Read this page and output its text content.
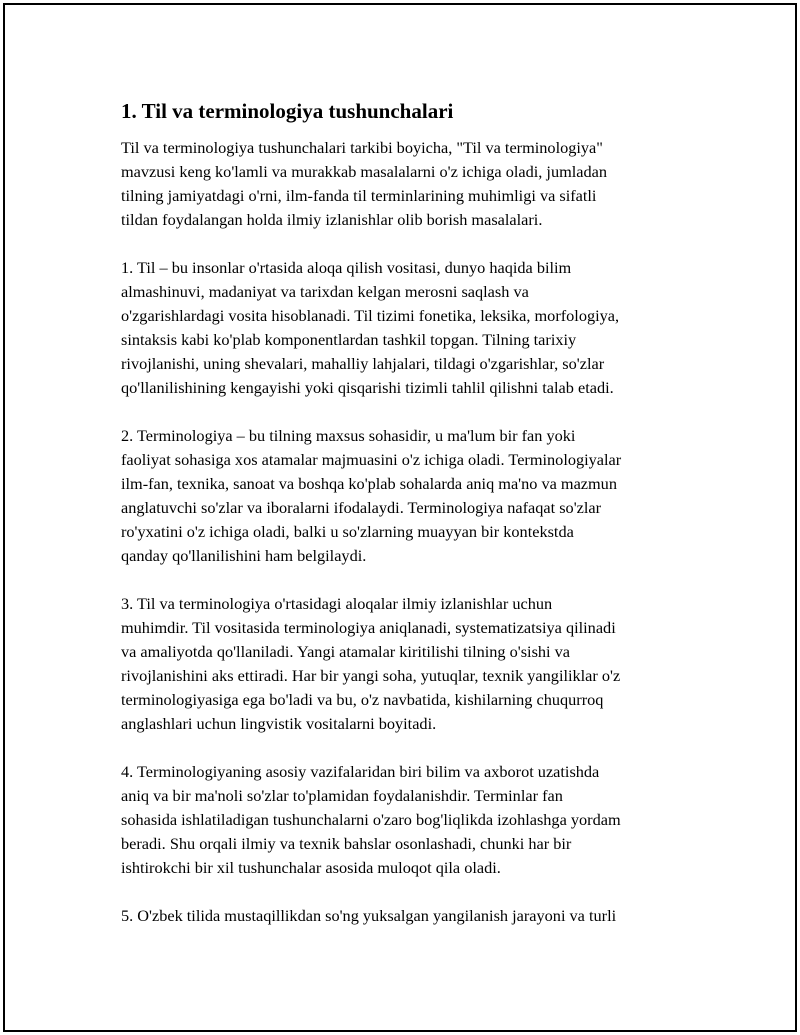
1. Til va terminologiya tushunchalari

Til va terminologiya tushunchalari tarkibi boyicha, "Til va terminologiya"
mavzusi keng ko'lamli va murakkab masalalarni o'z ichiga oladi, jumladan
tilning jamiyatdagi o'rni, ilm-fanda til terminlarining muhimligi va sifatli
tildan foydalangan holda ilmiy izlanishlar olib borish masalalari.

1. Til – bu insonlar o'rtasida aloqa qilish vositasi, dunyo haqida bilim
almashinuvi, madaniyat va tarixdan kelgan merosni saqlash va
o'zgarishlardagi vosita hisoblanadi. Til tizimi fonetika, leksika, morfologiya,
sintaksis kabi ko'plab komponentlardan tashkil topgan. Tilning tarixiy
rivojlanishi, uning shevalari, mahalliy lahjalari, tildagi o'zgarishlar, so'zlar
qo'llanilishining kengayishi yoki qisqarishi tizimli tahlil qilishni talab etadi.

2. Terminologiya – bu tilning maxsus sohasidir, u ma'lum bir fan yoki
faoliyat sohasiga xos atamalar majmuasini o'z ichiga oladi. Terminologiyalar
ilm-fan, texnika, sanoat va boshqa ko'plab sohalarda aniq ma'no va mazmun
anglatuvchi so'zlar va iboralarni ifodalaydi. Terminologiya nafaqat so'zlar
ro'yxatini o'z ichiga oladi, balki u so'zlarning muayyan bir kontekstda
qanday qo'llanilishini ham belgilaydi.

3. Til va terminologiya o'rtasidagi aloqalar ilmiy izlanishlar uchun
muhimdir. Til vositasida terminologiya aniqlanadi, systematizatsiya qilinadi
va amaliyotda qo'llaniladi. Yangi atamalar kiritilishi tilning o'sishi va
rivojlanishini aks ettiradi. Har bir yangi soha, yutuqlar, texnik yangiliklar o'z
terminologiyasiga ega bo'ladi va bu, o'z navbatida, kishilarning chuqurroq
anglashlari uchun lingvistik vositalarni boyitadi.

4. Terminologiyaning asosiy vazifalaridan biri bilim va axborot uzatishda
aniq va bir ma'noli so'zlar to'plamidan foydalanishdir. Terminlar fan
sohasida ishlatiladigan tushunchalarni o'zaro bog'liqlikda izohlashga yordam
beradi. Shu orqali ilmiy va texnik bahslar osonlashadi, chunki har bir
ishtirokchi bir xil tushunchalar asosida muloqot qila oladi.

5. O'zbek tilida mustaqillikdan so'ng yuksalgan yangilanish jarayoni va turli
